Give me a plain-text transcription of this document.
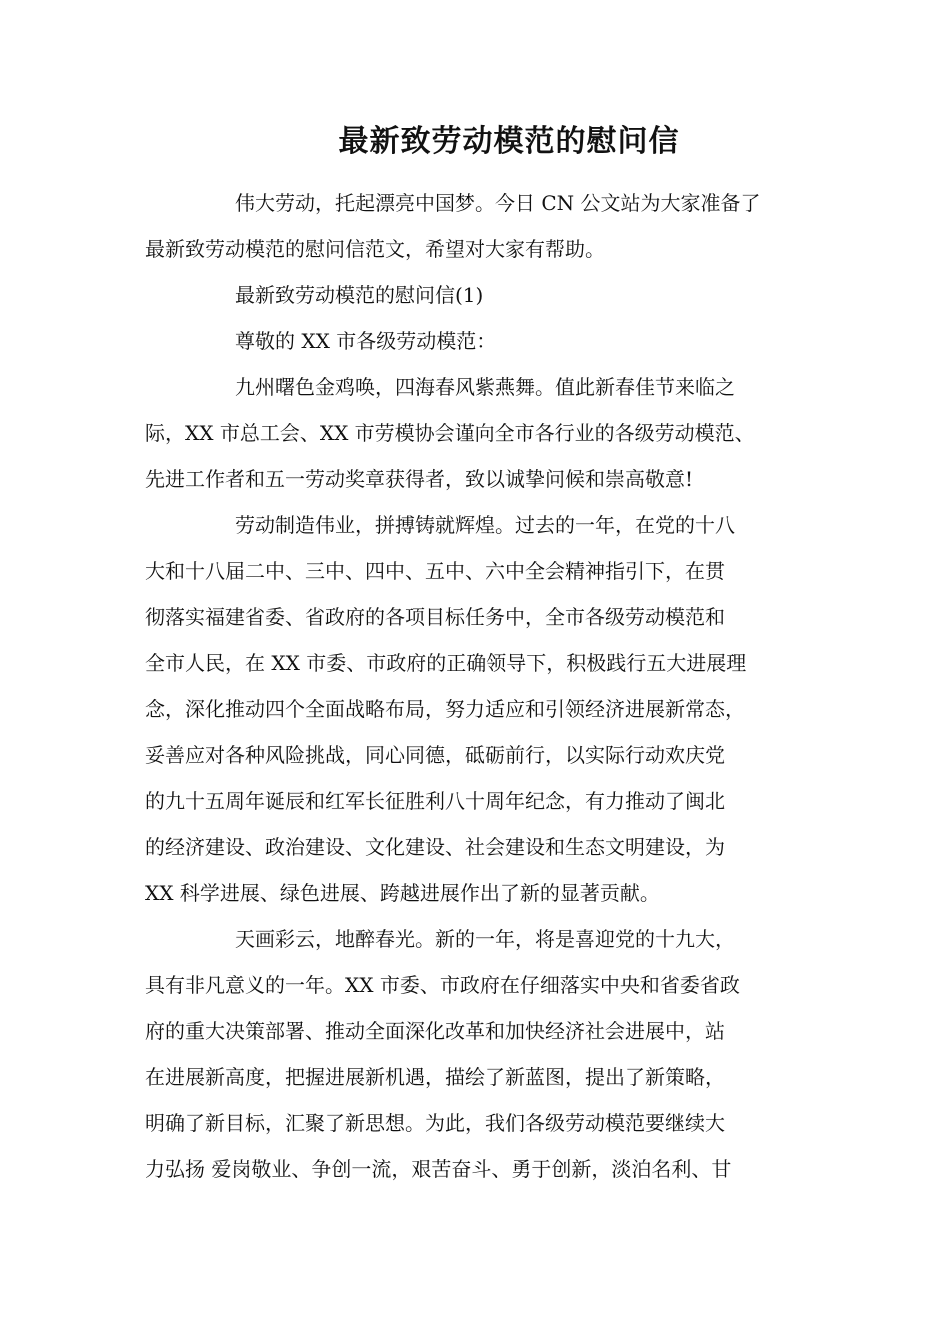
最新致劳动模范的慰问信

伟大劳动，托起漂亮中国梦。今日 CN 公文站为大家准备了
最新致劳动模范的慰问信范文，希望对大家有帮助。

最新致劳动模范的慰问信(1)

尊敬的 XX 市各级劳动模范：

九州曙色金鸡唤，四海春风紫燕舞。值此新春佳节来临之
际，XX 市总工会、XX 市劳模协会谨向全市各行业的各级劳动模范、
先进工作者和五一劳动奖章获得者，致以诚挚问候和崇高敬意!

劳动制造伟业，拼搏铸就辉煌。过去的一年，在党的十八
大和十八届二中、三中、四中、五中、六中全会精神指引下，在贯
彻落实福建省委、省政府的各项目标任务中，全市各级劳动模范和
全市人民，在 XX 市委、市政府的正确领导下，积极践行五大进展理
念，深化推动四个全面战略布局，努力适应和引领经济进展新常态，
妥善应对各种风险挑战，同心同德，砥砺前行，以实际行动欢庆党
的九十五周年诞辰和红军长征胜利八十周年纪念，有力推动了闽北
的经济建设、政治建设、文化建设、社会建设和生态文明建设，为
XX 科学进展、绿色进展、跨越进展作出了新的显著贡献。

天画彩云，地醉春光。新的一年，将是喜迎党的十九大，
具有非凡意义的一年。XX 市委、市政府在仔细落实中央和省委省政
府的重大决策部署、推动全面深化改革和加快经济社会进展中，站
在进展新高度，把握进展新机遇，描绘了新蓝图，提出了新策略，
明确了新目标，汇聚了新思想。为此，我们各级劳动模范要继续大
力弘扬 爱岗敬业、争创一流，艰苦奋斗、勇于创新，淡泊名利、甘
